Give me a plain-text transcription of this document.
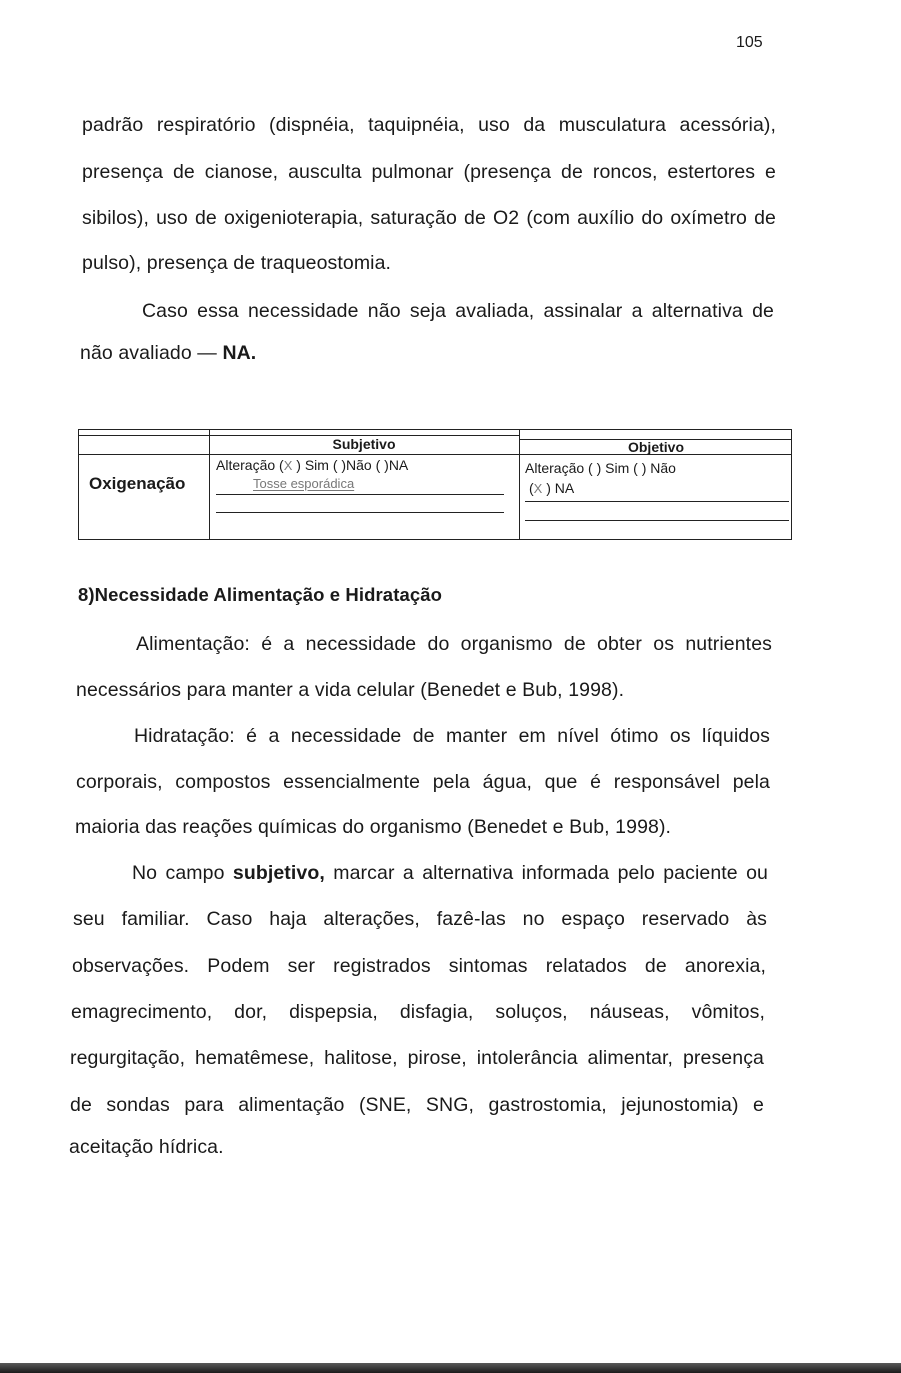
105
padrão respiratório (dispnéia, taquipnéia, uso da musculatura acessória),
presença de cianose, ausculta pulmonar (presença de roncos, estertores e
sibilos), uso de oxigenioterapia, saturação de O2 (com auxílio do oxímetro de
pulso), presença de traqueostomia.
Caso essa necessidade não seja avaliada, assinalar a alternativa de
não avaliado — NA.
Subjetivo	Objetivo
Oxigenação
Alteração (X ) Sim ( )Não ( )NA
Tosse esporádica
Alteração ( ) Sim ( ) Não
(X ) NA
8)Necessidade Alimentação e Hidratação
Alimentação: é a necessidade do organismo de obter os nutrientes
necessários para manter a vida celular (Benedet e Bub, 1998).
Hidratação: é a necessidade de manter em nível ótimo os líquidos
corporais, compostos essencialmente pela água, que é responsável pela
maioria das reações químicas do organismo (Benedet e Bub, 1998).
No campo subjetivo, marcar a alternativa informada pelo paciente ou
seu familiar. Caso haja alterações, fazê-las no espaço reservado às
observações. Podem ser registrados sintomas relatados de anorexia,
emagrecimento, dor, dispepsia, disfagia, soluços, náuseas, vômitos,
regurgitação, hematêmese, halitose, pirose, intolerância alimentar, presença
de sondas para alimentação (SNE, SNG, gastrostomia, jejunostomia) e
aceitação hídrica.
